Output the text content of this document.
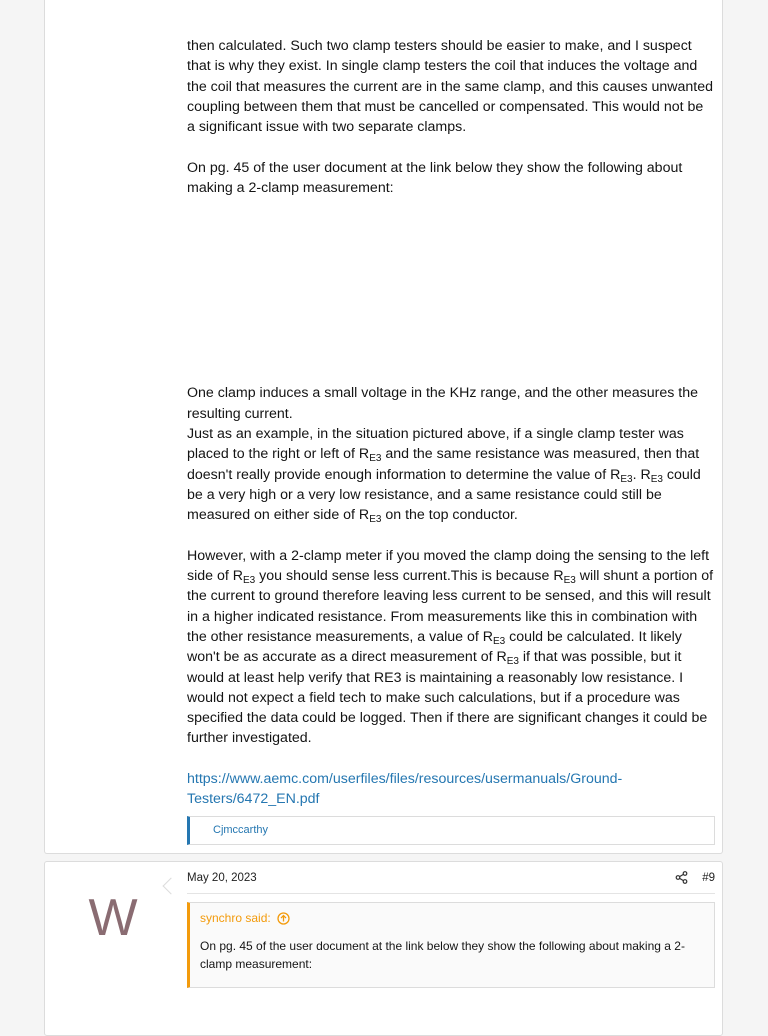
then calculated. Such two clamp testers should be easier to make, and I suspect that is why they exist. In single clamp testers the coil that induces the voltage and the coil that measures the current are in the same clamp, and this causes unwanted coupling between them that must be cancelled or compensated. This would not be a significant issue with two separate clamps.

On pg. 45 of the user document at the link below they show the following about making a 2-clamp measurement:

One clamp induces a small voltage in the KHz range, and the other measures the resulting current.

Just as an example, in the situation pictured above, if a single clamp tester was placed to the right or left of $R_{E3}$ and the same resistance was measured, then that doesn't really provide enough information to determine the value of $R_{E3}$. $R_{E3}$ could be a very high or a very low resistance, and a same resistance could still be measured on either side of $R_{E3}$ on the top conductor.

However, with a 2-clamp meter if you moved the clamp doing the sensing to the left side of $R_{E3}$ you should sense less current.This is because $R_{E3}$ will shunt a portion of the current to ground therefore leaving less current to be sensed, and this will result in a higher indicated resistance. From measurements like this in combination with the other resistance measurements, a value of $R_{E3}$ could be calculated. It likely won't be as accurate as a direct measurement of $R_{E3}$ if that was possible, but it would at least help verify that RE3 is maintaining a reasonably low resistance. I would not expect a field tech to make such calculations, but if a procedure was specified the data could be logged. Then if there are significant changes it could be further investigated.

https://www.aemc.com/userfiles/files/resources/usermanuals/Ground-Testers/6472_EN.pdf
Cjmccarthy
W
May 20, 2023	#9
synchro said:
On pg. 45 of the user document at the link below they show the following about making a 2-clamp measurement:
